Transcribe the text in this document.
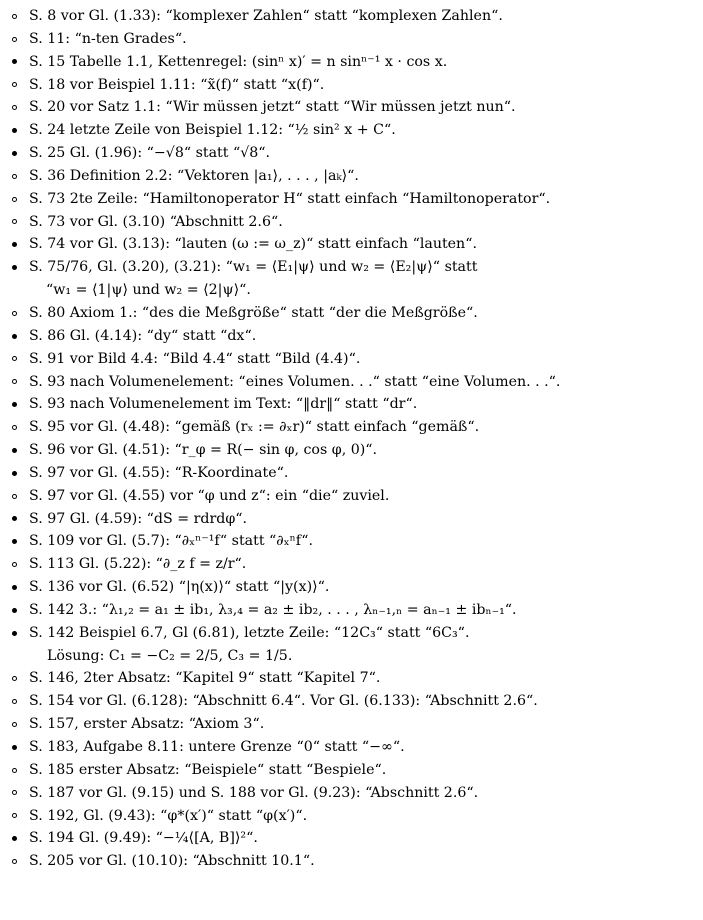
S. 8 vor Gl. (1.33): “komplexer Zahlen“ statt “komplexen Zahlen“.
S. 11: “n-ten Grades“.
S. 15 Tabelle 1.1, Kettenregel: (sinⁿ x)′ = n sinⁿ⁻¹ x · cos x.
S. 18 vor Beispiel 1.11: “x̃(f)“ statt “x(f)“.
S. 20 vor Satz 1.1: “Wir müssen jetzt“ statt “Wir müssen jetzt nun“.
S. 24 letzte Zeile von Beispiel 1.12: “½ sin² x + C“.
S. 25 Gl. (1.96): “−√8“ statt “√8“.
S. 36 Definition 2.2: “Vektoren |a₁⟩, . . . , |aₖ⟩“.
S. 73 2te Zeile: “Hamiltonoperator H“ statt einfach “Hamiltonoperator“.
S. 73 vor Gl. (3.10) “Abschnitt 2.6“.
S. 74 vor Gl. (3.13): “lauten (ω := ω_z)“ statt einfach “lauten“.
S. 75/76, Gl. (3.20), (3.21): “w₁ = ⟨E₁|ψ⟩ und w₂ = ⟨E₂|ψ⟩“ statt
“w₁ = ⟨1|ψ⟩ und w₂ = ⟨2|ψ⟩“.
S. 80 Axiom 1.: “des die Meßgröße“ statt “der die Meßgröße“.
S. 86 Gl. (4.14): “dy“ statt “dx“.
S. 91 vor Bild 4.4: “Bild 4.4“ statt “Bild (4.4)“.
S. 93 nach Volumenelement: “eines Volumen. . .“ statt “eine Volumen. . .“.
S. 93 nach Volumenelement im Text: “‖dr‖“ statt “dr“.
S. 95 vor Gl. (4.48): “gemäß (rₓ := ∂ₓr)“ statt einfach “gemäß“.
S. 96 vor Gl. (4.51): “r_φ = R(− sin φ, cos φ, 0)“.
S. 97 vor Gl. (4.55): “R-Koordinate“.
S. 97 vor Gl. (4.55) vor “φ und z“: ein “die“ zuviel.
S. 97 Gl. (4.59): “dS = rdrdφ“.
S. 109 vor Gl. (5.7): “∂ₓⁿ⁻¹f“ statt “∂ₓⁿf“.
S. 113 Gl. (5.22): “∂_z f = z/r“.
S. 136 vor Gl. (6.52) “|η(x)⟩“ statt “|y(x)⟩“.
S. 142 3.: “λ₁,₂ = a₁ ± ib₁, λ₃,₄ = a₂ ± ib₂, . . . , λₙ₋₁,ₙ = aₙ₋₁ ± ibₙ₋₁“.
S. 142 Beispiel 6.7, Gl (6.81), letzte Zeile: “12C₃“ statt “6C₃“.
Lösung: C₁ = −C₂ = 2/5, C₃ = 1/5.
S. 146, 2ter Absatz: “Kapitel 9“ statt “Kapitel 7“.
S. 154 vor Gl. (6.128): “Abschnitt 6.4“. Vor Gl. (6.133): “Abschnitt 2.6“.
S. 157, erster Absatz: “Axiom 3“.
S. 183, Aufgabe 8.11: untere Grenze “0“ statt “−∞“.
S. 185 erster Absatz: “Beispiele“ statt “Bespiele“.
S. 187 vor Gl. (9.15) und S. 188 vor Gl. (9.23): “Abschnitt 2.6“.
S. 192, Gl. (9.43): “φ*(x′)“ statt “φ(x′)“.
S. 194 Gl. (9.49): “−¼⟨[A, B]⟩²“.
S. 205 vor Gl. (10.10): “Abschnitt 10.1“.
